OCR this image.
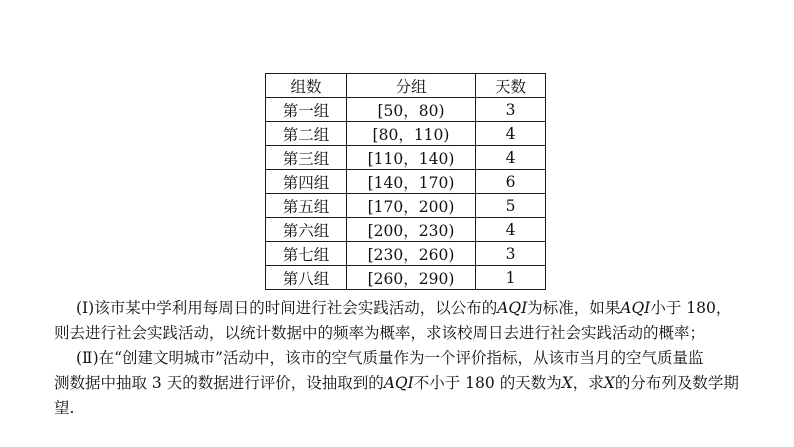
组数	分组	天数
第一组	[50，80)	3
第二组	[80，110)	4
第三组	[110，140)	4
第四组	[140，170)	6
第五组	[170，200)	5
第六组	[200，230)	4
第七组	[230，260)	3
第八组	[260，290)	1
(Ⅰ)该市某中学利用每周日的时间进行社会实践活动，以公布的AQI为标准，如果AQI小于 180，
则去进行社会实践活动，以统计数据中的频率为概率，求该校周日去进行社会实践活动的概率；
(Ⅱ)在“创建文明城市”活动中，该市的空气质量作为一个评价指标，从该市当月的空气质量监
测数据中抽取 3 天的数据进行评价，设抽取到的AQI不小于 180 的天数为X，求X的分布列及数学期
望.
